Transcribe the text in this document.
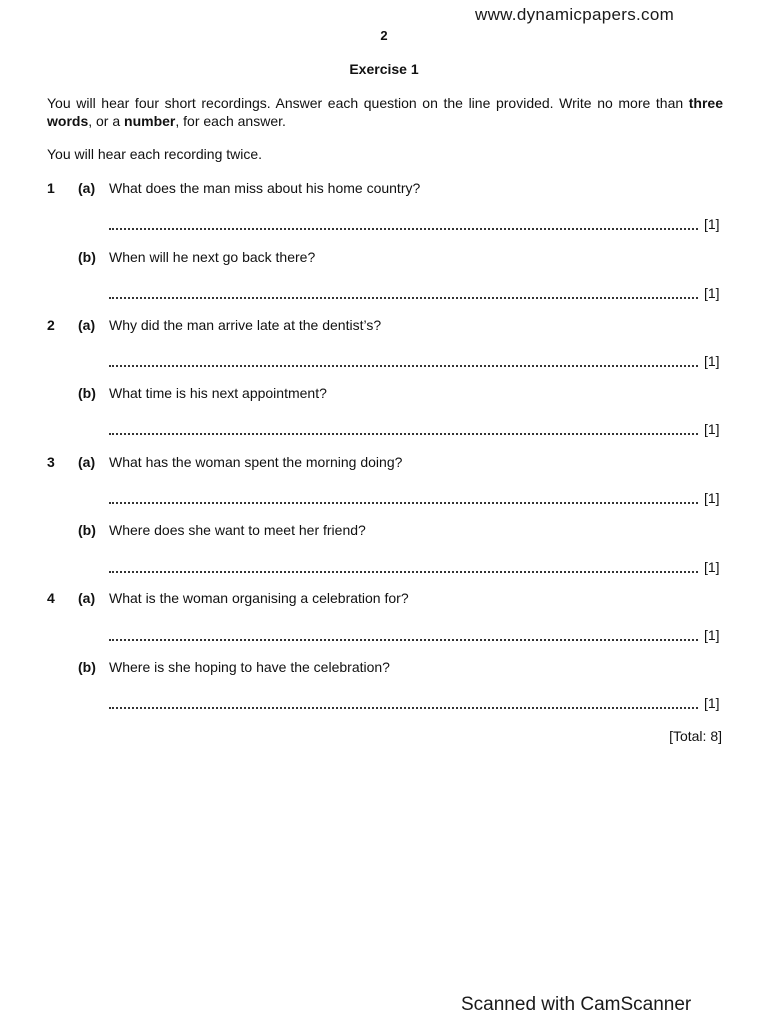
www.dynamicpapers.com
2
Exercise 1
You will hear four short recordings. Answer each question on the line provided. Write no more than three words, or a number, for each answer.
You will hear each recording twice.
1 (a) What does the man miss about his home country?
[1]
(b) When will he next go back there?
[1]
2 (a) Why did the man arrive late at the dentist’s?
[1]
(b) What time is his next appointment?
[1]
3 (a) What has the woman spent the morning doing?
[1]
(b) Where does she want to meet her friend?
[1]
4 (a) What is the woman organising a celebration for?
[1]
(b) Where is she hoping to have the celebration?
[1]
[Total: 8]
Scanned with CamScanner
